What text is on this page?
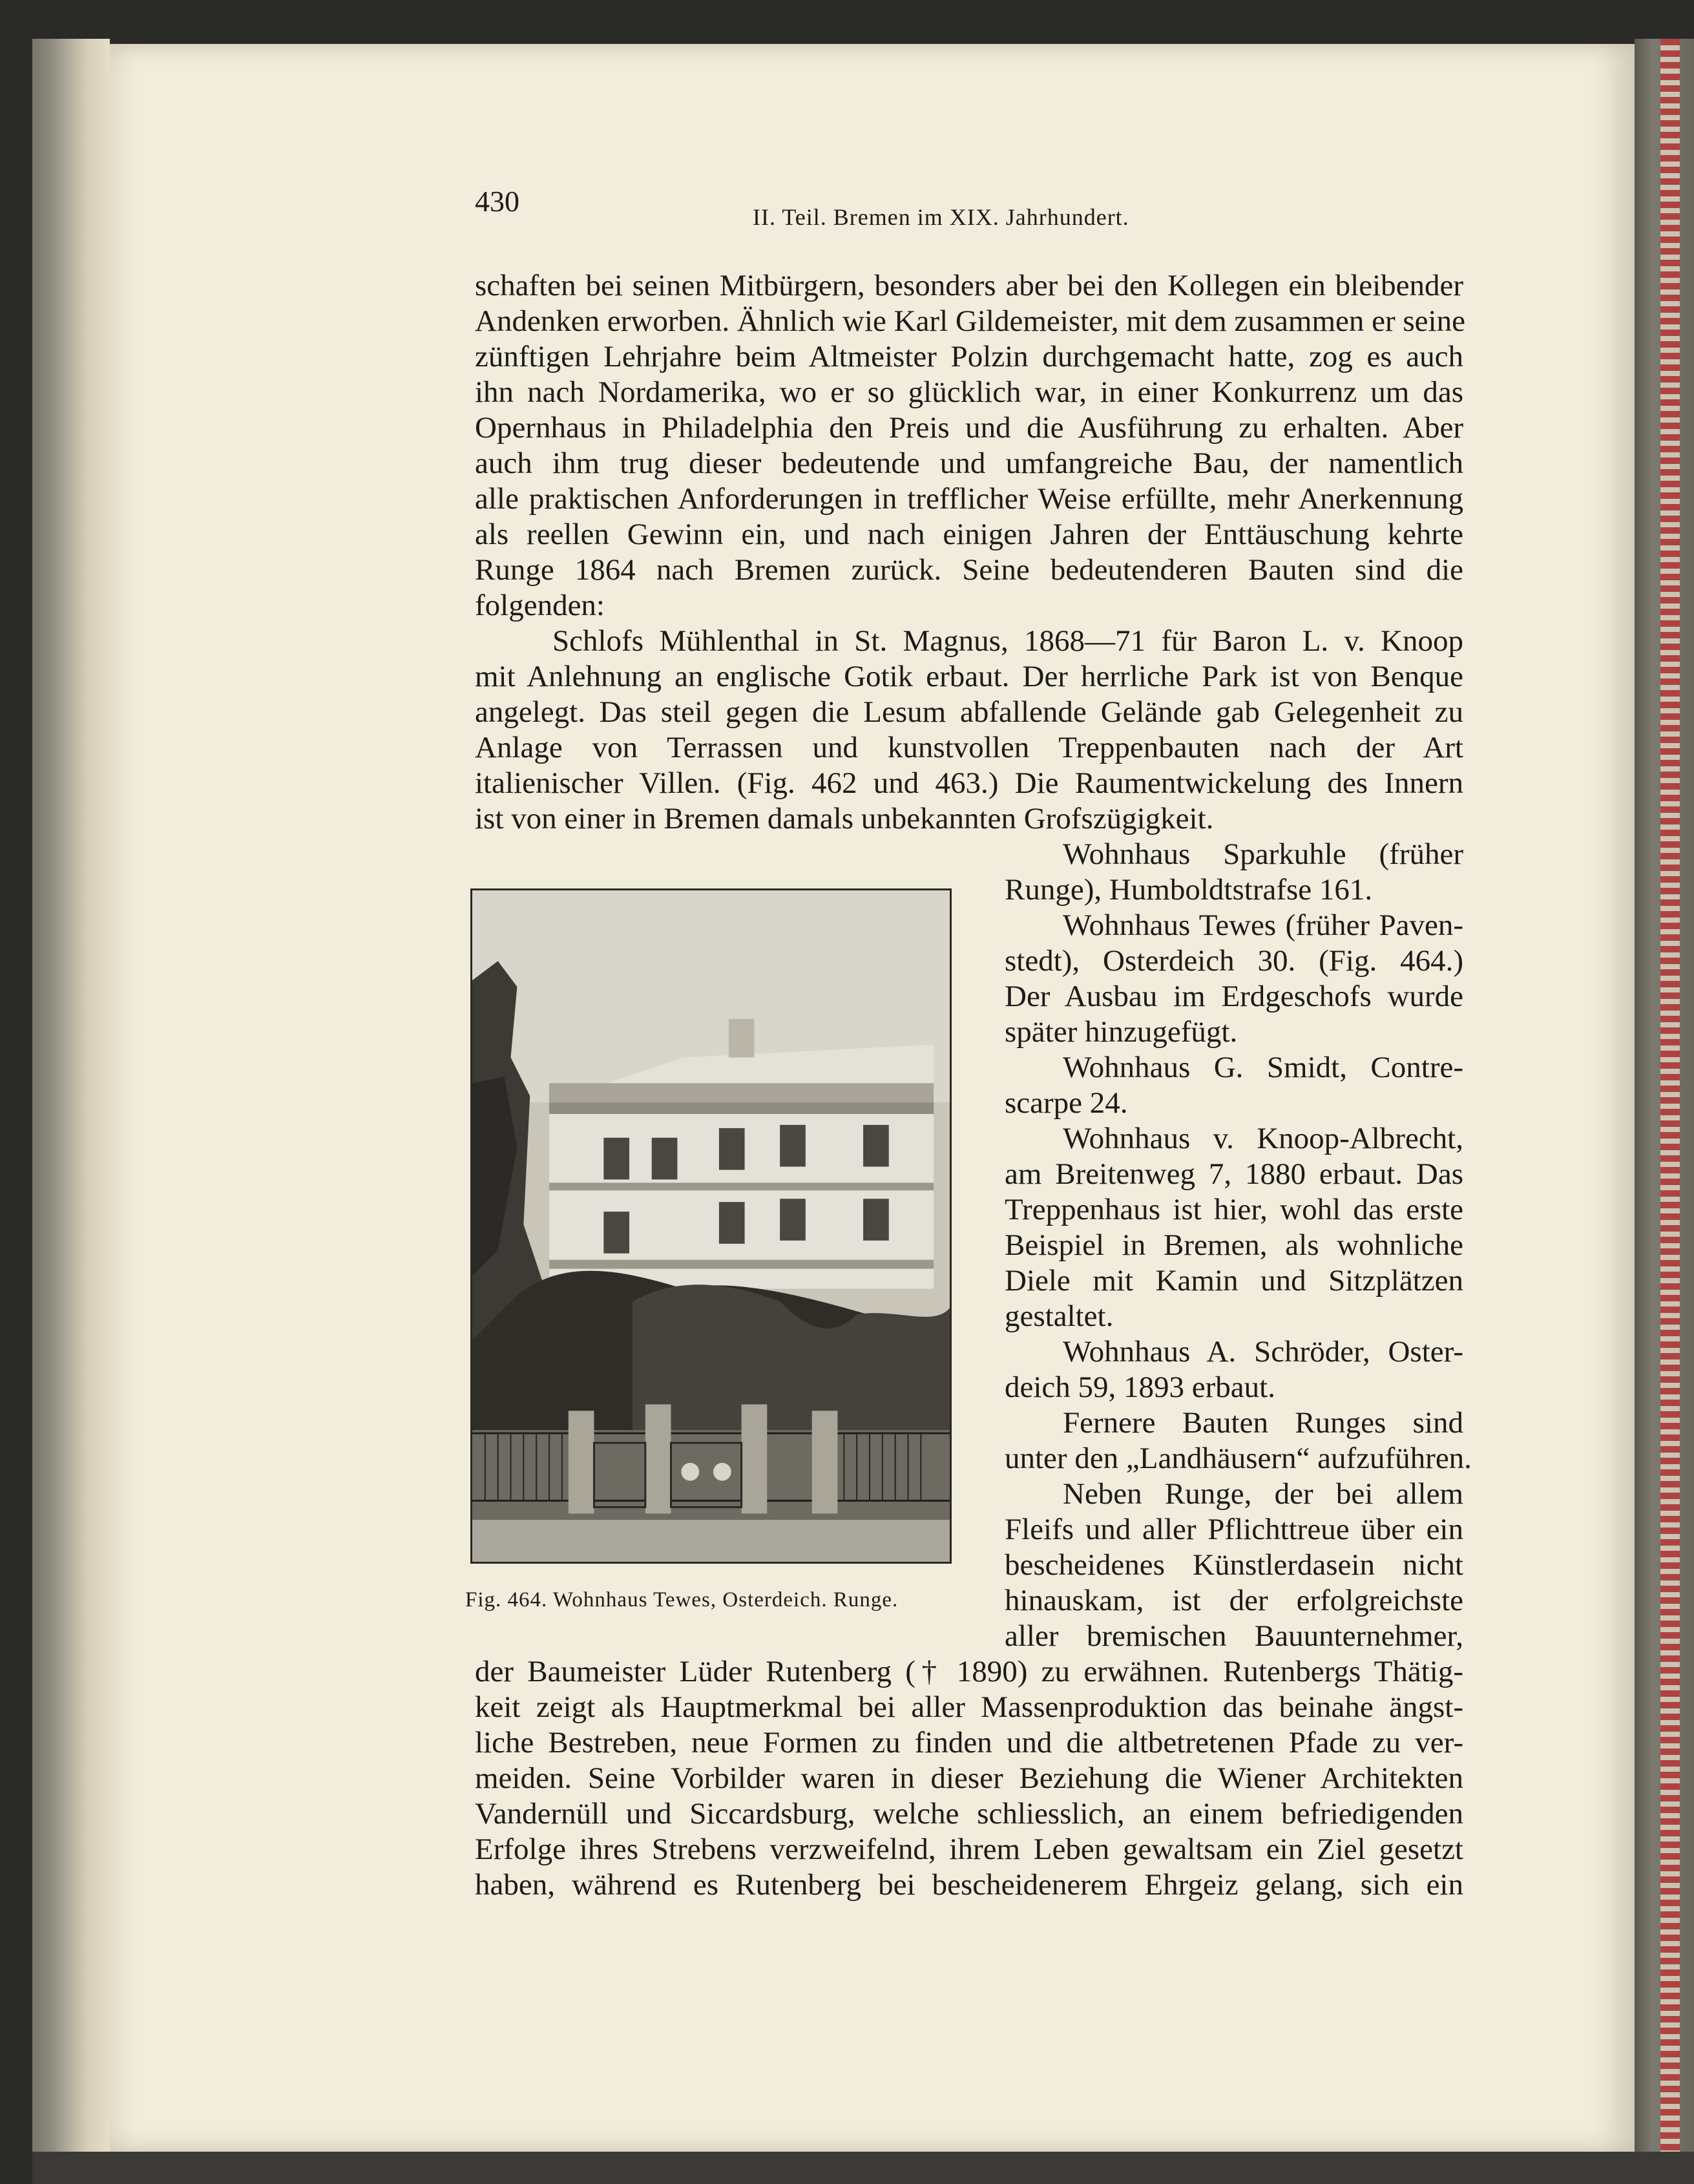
430	II. Teil. Bremen im XIX. Jahrhundert.
schaften bei seinen Mitbürgern, besonders aber bei den Kollegen ein bleibender
Andenken erworben. Ähnlich wie Karl Gildemeister, mit dem zusammen er seine
zünftigen Lehrjahre beim Altmeister Polzin durchgemacht hatte, zog es auch
ihn nach Nordamerika, wo er so glücklich war, in einer Konkurrenz um das
Opernhaus in Philadelphia den Preis und die Ausführung zu erhalten. Aber
auch ihm trug dieser bedeutende und umfangreiche Bau, der namentlich
alle praktischen Anforderungen in trefflicher Weise erfüllte, mehr Anerkennung
als reellen Gewinn ein, und nach einigen Jahren der Enttäuschung kehrte
Runge 1864 nach Bremen zurück. Seine bedeutenderen Bauten sind die
folgenden:
Schlofs Mühlenthal in St. Magnus, 1868—71 für Baron L. v. Knoop
mit Anlehnung an englische Gotik erbaut. Der herrliche Park ist von Benque
angelegt. Das steil gegen die Lesum abfallende Gelände gab Gelegenheit zu
Anlage von Terrassen und kunstvollen Treppenbauten nach der Art
italienischer Villen. (Fig. 462 und 463.) Die Raumentwickelung des Innern
ist von einer in Bremen damals unbekannten Grofszügigkeit.
Fig. 464. Wohnhaus Tewes, Osterdeich. Runge.
Wohnhaus Sparkuhle (früher
Runge), Humboldtstrafse 161.
Wohnhaus Tewes (früher Paven-
stedt), Osterdeich 30. (Fig. 464.)
Der Ausbau im Erdgeschofs wurde
später hinzugefügt.
Wohnhaus G. Smidt, Contre-
scarpe 24.
Wohnhaus v. Knoop-Albrecht,
am Breitenweg 7, 1880 erbaut. Das
Treppenhaus ist hier, wohl das erste
Beispiel in Bremen, als wohnliche
Diele mit Kamin und Sitzplätzen
gestaltet.
Wohnhaus A. Schröder, Oster-
deich 59, 1893 erbaut.
Fernere Bauten Runges sind
unter den „Landhäusern“ aufzuführen.
Neben Runge, der bei allem
Fleifs und aller Pflichttreue über ein
bescheidenes Künstlerdasein nicht
hinauskam, ist der erfolgreichste
aller bremischen Bauunternehmer,
der Baumeister Lüder Rutenberg († 1890) zu erwähnen. Rutenbergs Thätig-
keit zeigt als Hauptmerkmal bei aller Massenproduktion das beinahe ängst-
liche Bestreben, neue Formen zu finden und die altbetretenen Pfade zu ver-
meiden. Seine Vorbilder waren in dieser Beziehung die Wiener Architekten
Vandernüll und Siccardsburg, welche schliesslich, an einem befriedigenden
Erfolge ihres Strebens verzweifelnd, ihrem Leben gewaltsam ein Ziel gesetzt
haben, während es Rutenberg bei bescheidenerem Ehrgeiz gelang, sich ein
